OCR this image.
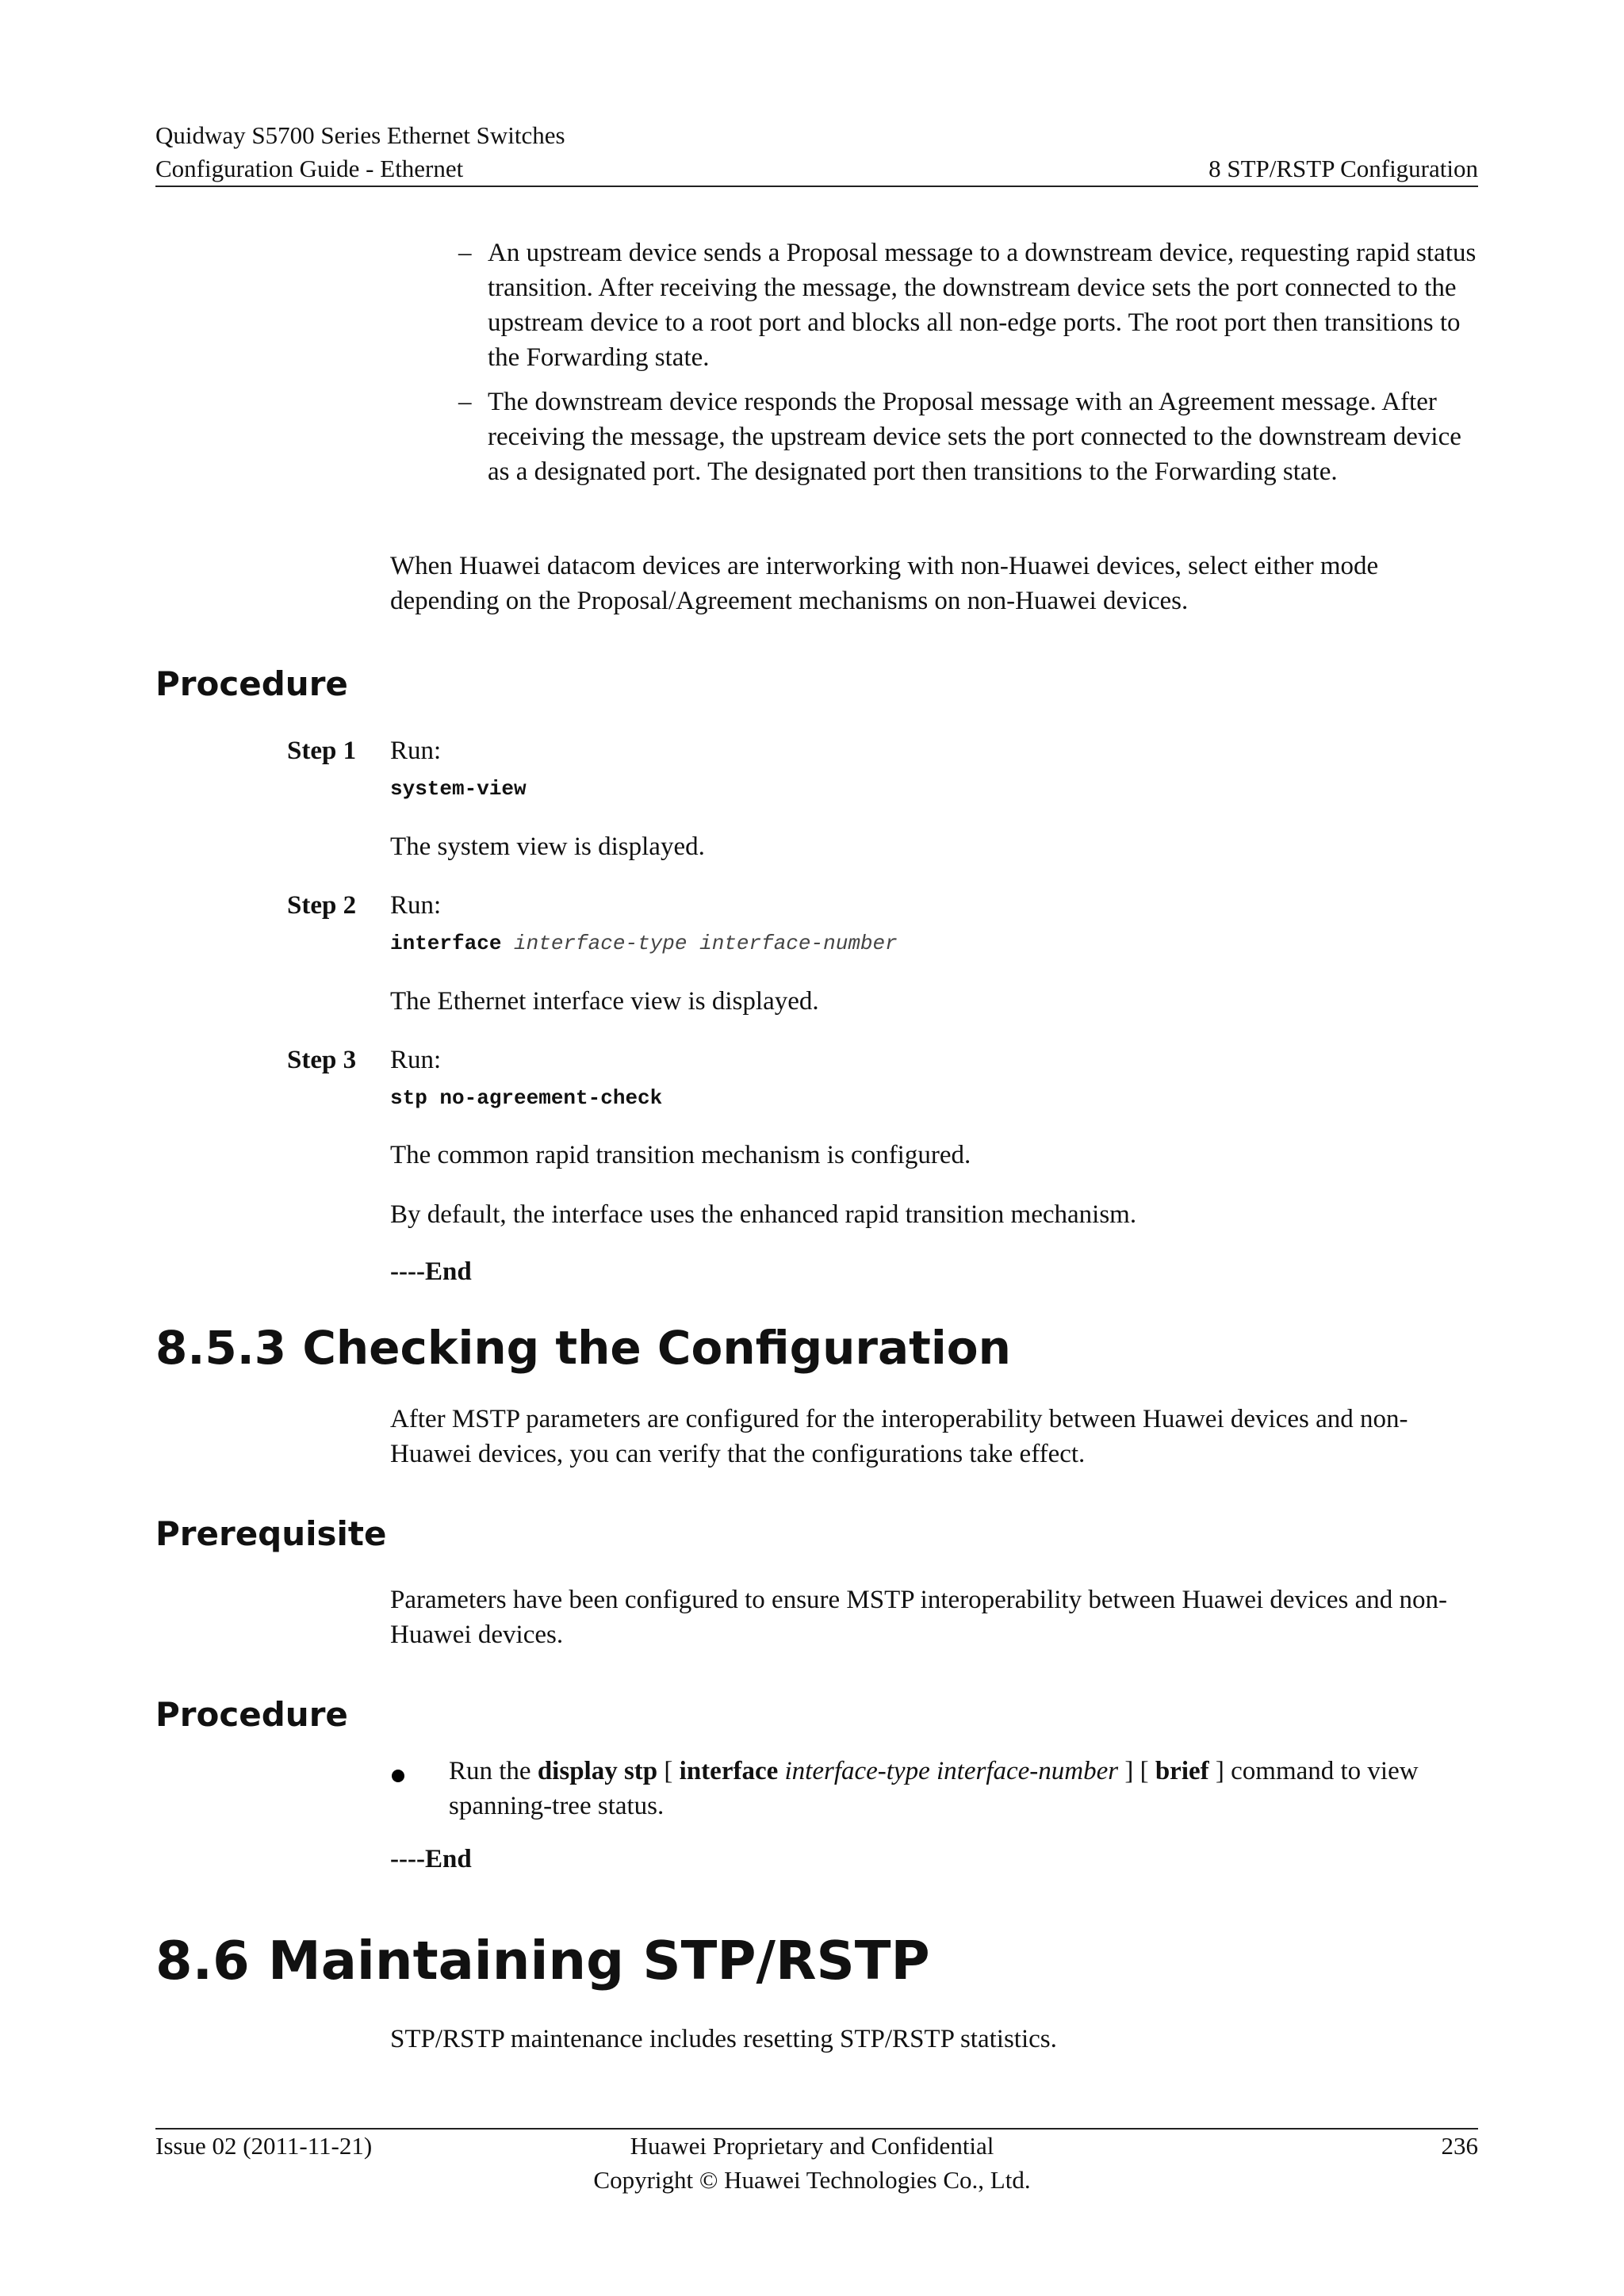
Quidway S5700 Series Ethernet Switches
Configuration Guide - Ethernet	8 STP/RSTP Configuration
– An upstream device sends a Proposal message to a downstream device, requesting rapid status transition. After receiving the message, the downstream device sets the port connected to the upstream device to a root port and blocks all non-edge ports. The root port then transitions to the Forwarding state.
– The downstream device responds the Proposal message with an Agreement message. After receiving the message, the upstream device sets the port connected to the downstream device as a designated port. The designated port then transitions to the Forwarding state.
When Huawei datacom devices are interworking with non-Huawei devices, select either mode depending on the Proposal/Agreement mechanisms on non-Huawei devices.
Procedure
Step 1 Run:
system-view
The system view is displayed.
Step 2 Run:
interface interface-type interface-number
The Ethernet interface view is displayed.
Step 3 Run:
stp no-agreement-check
The common rapid transition mechanism is configured.
By default, the interface uses the enhanced rapid transition mechanism.
----End
8.5.3 Checking the Configuration
After MSTP parameters are configured for the interoperability between Huawei devices and non-Huawei devices, you can verify that the configurations take effect.
Prerequisite
Parameters have been configured to ensure MSTP interoperability between Huawei devices and non-Huawei devices.
Procedure
Run the display stp [ interface interface-type interface-number ] [ brief ] command to view spanning-tree status.
----End
8.6 Maintaining STP/RSTP
STP/RSTP maintenance includes resetting STP/RSTP statistics.
Issue 02 (2011-11-21)	Huawei Proprietary and Confidential
Copyright © Huawei Technologies Co., Ltd.
236
